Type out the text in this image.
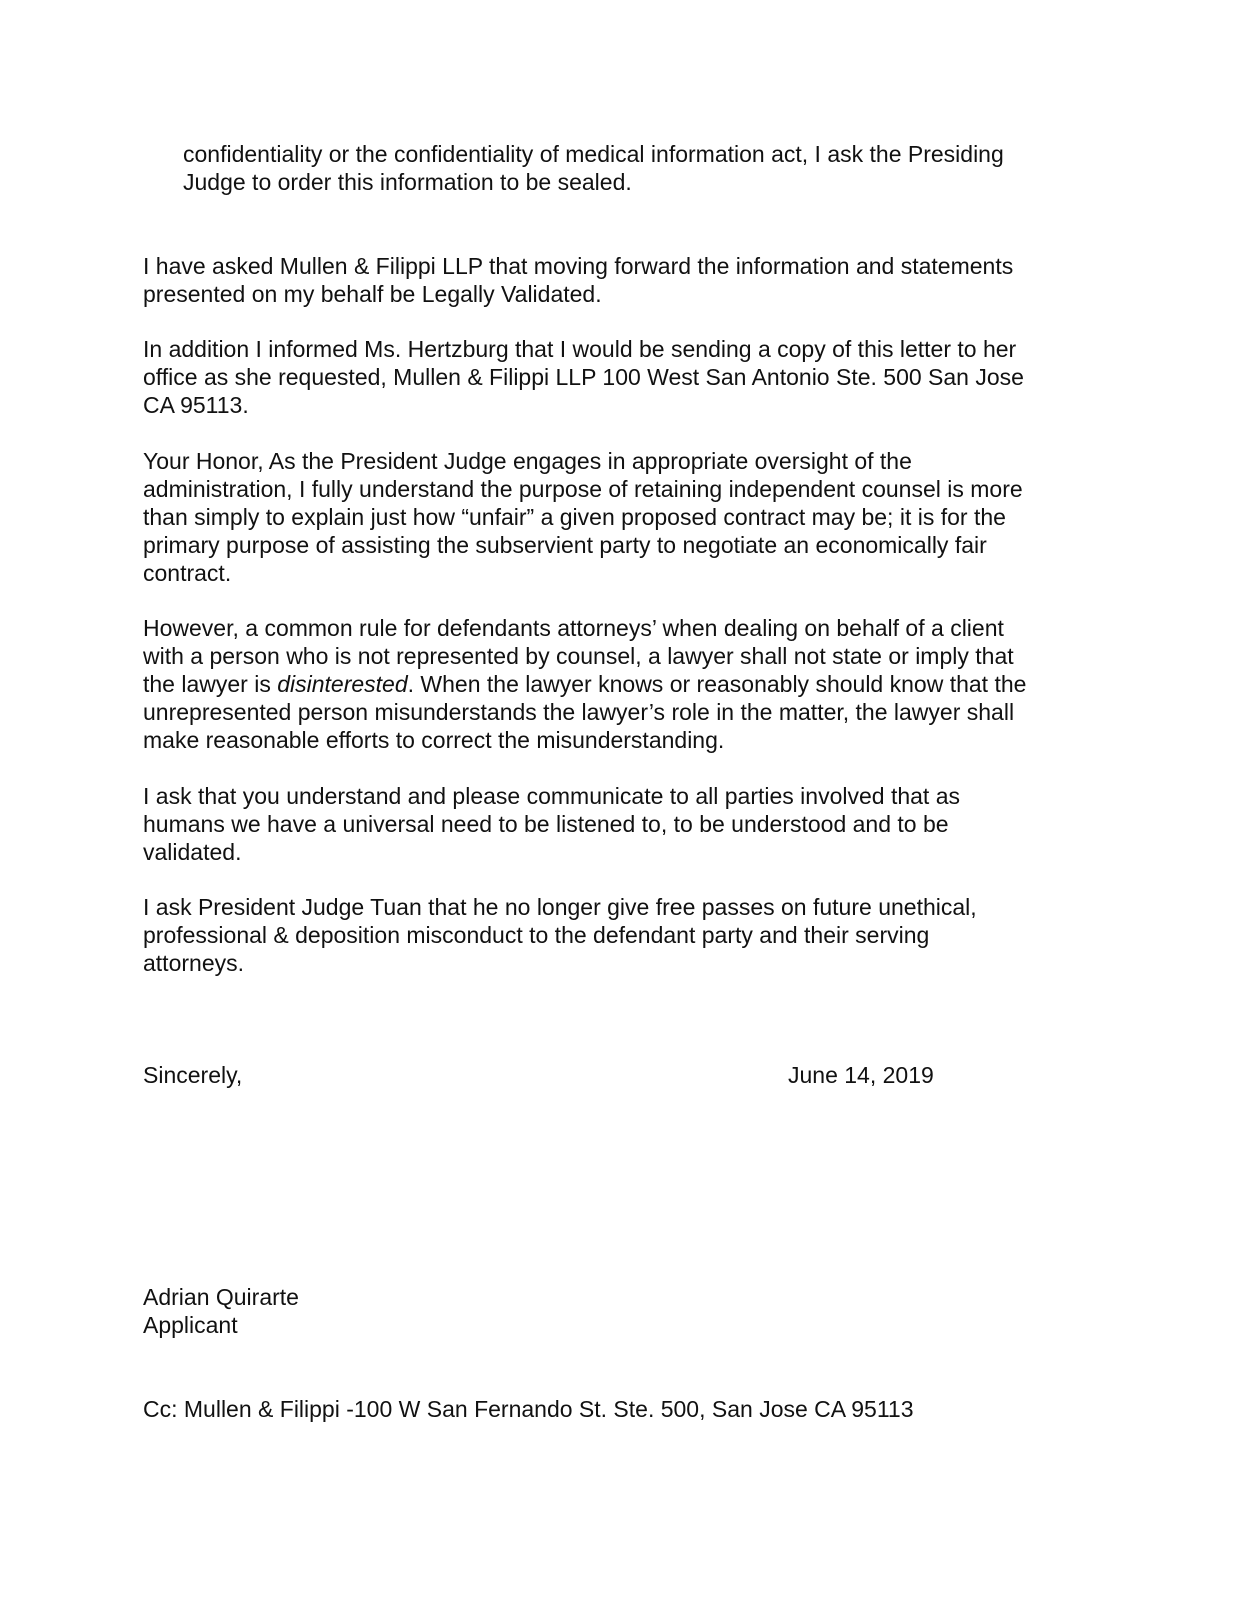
confidentiality or the confidentiality of medical information act, I ask the Presiding
Judge to order this information to be sealed.

I have asked Mullen & Filippi LLP that moving forward the information and statements
presented on my behalf be Legally Validated.

In addition I informed Ms. Hertzburg that I would be sending a copy of this letter to her
office as she requested, Mullen & Filippi LLP 100 West San Antonio Ste. 500 San Jose
CA 95113.

Your Honor, As the President Judge engages in appropriate oversight of the
administration, I fully understand the purpose of retaining independent counsel is more
than simply to explain just how “unfair” a given proposed contract may be; it is for the
primary purpose of assisting the subservient party to negotiate an economically fair
contract.

However, a common rule for defendants attorneys’ when dealing on behalf of a client
with a person who is not represented by counsel, a lawyer shall not state or imply that
the lawyer is disinterested. When the lawyer knows or reasonably should know that the
unrepresented person misunderstands the lawyer’s role in the matter, the lawyer shall
make reasonable efforts to correct the misunderstanding.

I ask that you understand and please communicate to all parties involved that as
humans we have a universal need to be listened to, to be understood and to be
validated.

I ask President Judge Tuan that he no longer give free passes on future unethical,
professional & deposition misconduct to the defendant party and their serving
attorneys.

Sincerely,	June 14, 2019

Adrian Quirarte
Applicant

Cc: Mullen & Filippi -100 W San Fernando St. Ste. 500, San Jose CA 95113
